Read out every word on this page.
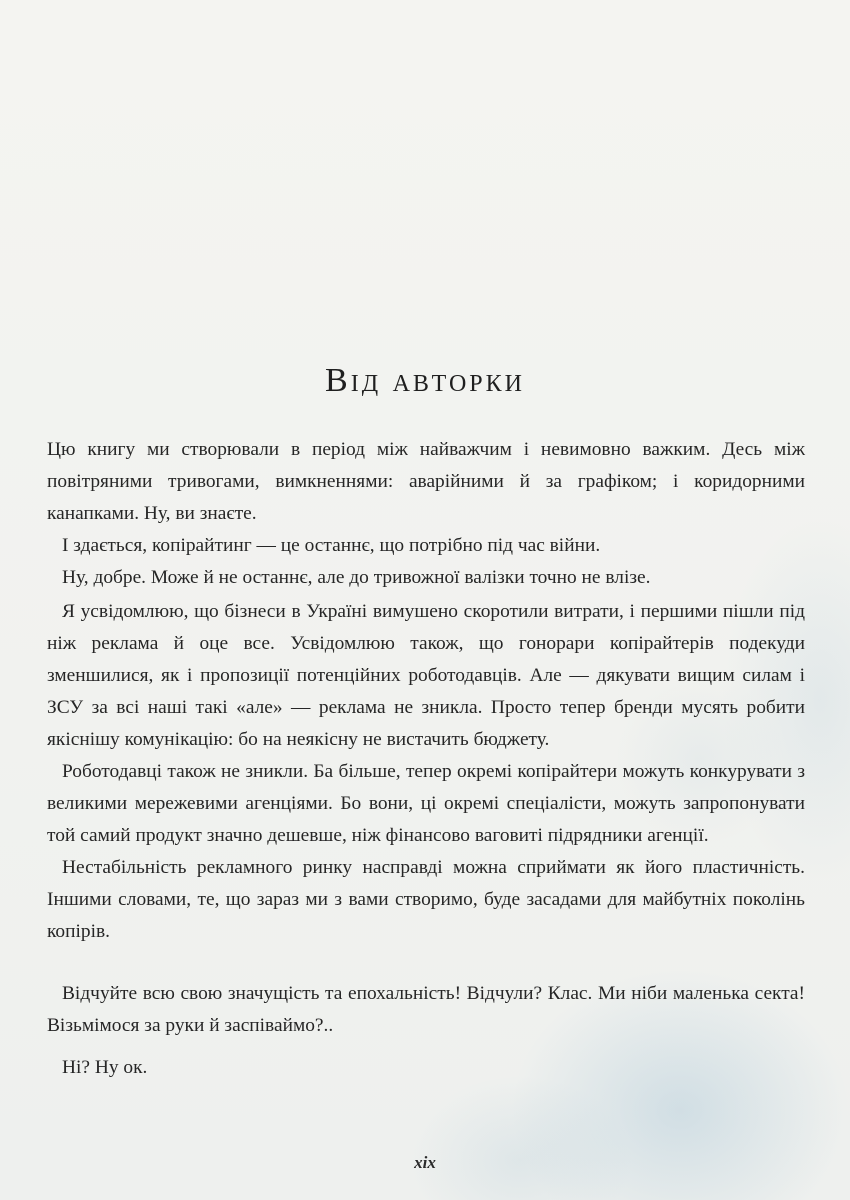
Від авторки

Цю книгу ми створювали в період між найважчим і невимовно важким. Десь між повітряними тривогами, вимкненнями: аварійними й за графіком; і коридорними канапками. Ну, ви знаєте.

І здається, копірайтинг — це останнє, що потрібно під час війни.

Ну, добре. Може й не останнє, але до тривожної валізки точно не влізе.

Я усвідомлюю, що бізнеси в Україні вимушено скоротили витрати, і першими пішли під ніж реклама й оце все. Усвідомлюю також, що гонорари копірайтерів подекуди зменшилися, як і пропозиції потенційних роботодавців. Але — дякувати вищим силам і ЗСУ за всі наші такі «але» — реклама не зникла. Просто тепер бренди мусять робити якіснішу комунікацію: бо на неякісну не вистачить бюджету.

Роботодавці також не зникли. Ба більше, тепер окремі копірайтери можуть конкурувати з великими мережевими агенціями. Бо вони, ці окремі спеціалісти, можуть запропонувати той самий продукт значно дешевше, ніж фінансово ваговиті підрядники агенції.

Нестабільність рекламного ринку насправді можна сприймати як його пластичність. Іншими словами, те, що зараз ми з вами створимо, буде засадами для майбутніх поколінь копірів.

Відчуйте всю свою значущість та епохальність! Відчули? Клас. Ми ніби маленька секта! Візьмімося за руки й заспіваймо?..

Ні? Ну ок.

xix
